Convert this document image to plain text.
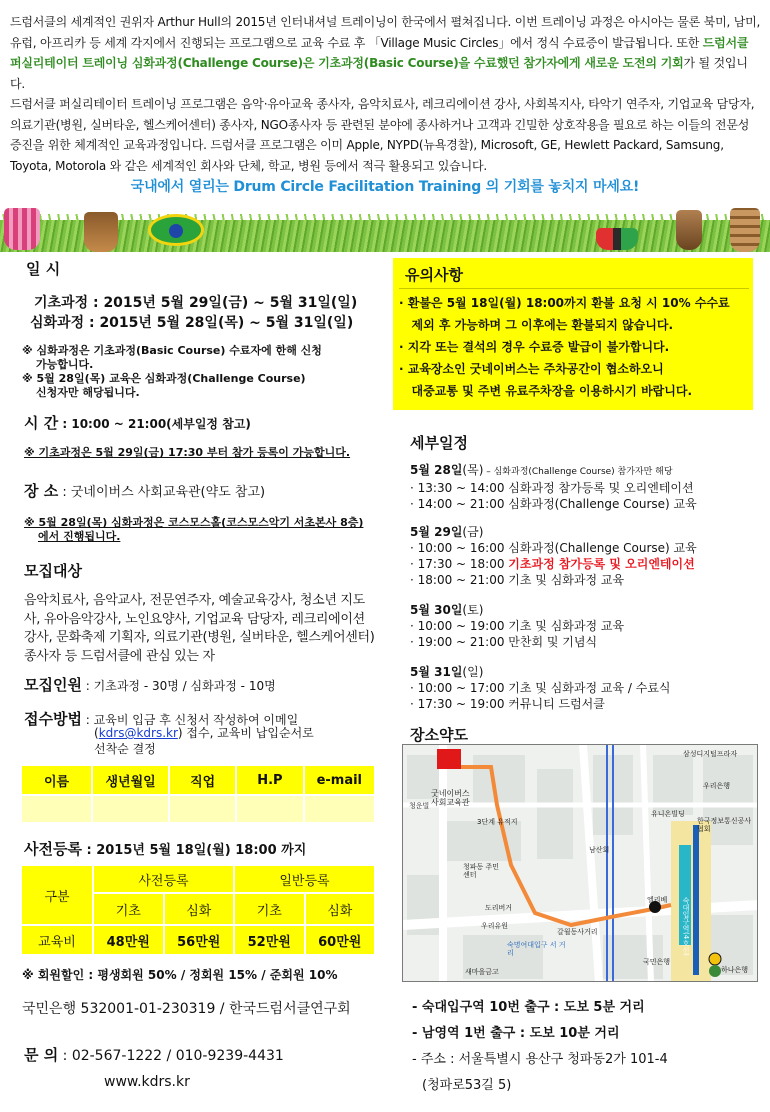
드럼서클의 세계적인 권위자 Arthur Hull의 2015년 인터내셔널 트레이닝이 한국에서 펼쳐집니다. 이번 트레이닝 과정은 아시아는 물론 북미, 남미, 유럽, 아프리카 등 세계 각지에서 진행되는 프로그램으로 교육 수료 후 「Village Music Circles」에서 정식 수료증이 발급됩니다. 또한 드럼서클 퍼실리테이터 트레이닝 심화과정(Challenge Course)은 기초과정(Basic Course)을 수료했던 참가자에게 새로운 도전의 기회가 될 것입니다.
드럼서클 퍼실리테이터 트레이닝 프로그램은 음악·유아교육 종사자, 음악치료사, 레크리에이션 강사, 사회복지사, 타악기 연주자, 기업교육 담당자, 의료기관(병원, 실버타운, 헬스케어센터) 종사자, NGO종사자 등 관련된 분야에 종사하거나 고객과 긴밀한 상호작용을 필요로 하는 이들의 전문성 증진을 위한 체계적인 교육과정입니다. 드럼서클 프로그램은 이미 Apple, NYPD(뉴욕경찰), Microsoft, GE, Hewlett Packard, Samsung, Toyota, Motorola 와 같은 세계적인 회사와 단체, 학교, 병원 등에서 적극 활용되고 있습니다.
국내에서 열리는 Drum Circle Facilitation Training 의 기회를 놓치지 마세요!
일 시
기초과정 : 2015년 5월 29일(금) ~ 5월 31일(일)
심화과정 : 2015년 5월 28일(목) ~ 5월 31일(일)
※ 심화과정은 기초과정(Basic Course) 수료자에 한해 신청
가능합니다.
※ 5월 28일(목) 교육은 심화과정(Challenge Course)
신청자만 해당됩니다.
시 간 : 10:00 ~ 21:00(세부일정 참고)
※ 기초과정은 5월 29일(금) 17:30 부터 참가 등록이 가능합니다.
장 소 : 굿네이버스 사회교육관(약도 참고)
※ 5월 28일(목) 심화과정은 코스모스홀(코스모스악기 서초본사 8층)
에서 진행됩니다.
모집대상
음악치료사, 음악교사, 전문연주자, 예술교육강사, 청소년 지도사, 유아음악강사, 노인요양사, 기업교육 담당자, 레크리에이션 강사, 문화축제 기획자, 의료기관(병원, 실버타운, 헬스케어센터) 종사자 등 드럼서클에 관심 있는 자
모집인원 : 기초과정 - 30명 / 심화과정 - 10명
접수방법 : 교육비 입금 후 신청서 작성하여 이메일
(kdrs@kdrs.kr) 접수, 교육비 납입순서로
선착순 결정
이름	생년월일	직업	H.P	e-mail

사전등록 : 2015년 5월 18일(월) 18:00 까지
구분	사전등록		일반등록	
	기초	심화	기초	심화
교육비	48만원	56만원	52만원	60만원
※ 회원할인 : 평생회원 50% / 정회원 15% / 준회원 10%
국민은행 532001-01-230319 / 한국드럼서클연구회
문 의 : 02-567-1222 / 010-9239-4431
www.kdrs.kr
유의사항
· 환불은 5월 18일(월) 18:00까지 환불 요청 시 10% 수수료
제외 후 가능하며 그 이후에는 환불되지 않습니다.
· 지각 또는 결석의 경우 수료증 발급이 불가합니다.
· 교육장소인 굿네이버스는 주차공간이 협소하오니
대중교통 및 주변 유료주차장을 이용하시기 바랍니다.
세부일정
5월 28일(목) – 심화과정(Challenge Course) 참가자만 해당
· 13:30 ~ 14:00 심화과정 참가등록 및 오리엔테이션
· 14:00 ~ 21:00 심화과정(Challenge Course) 교육
5월 29일(금)
· 10:00 ~ 16:00 심화과정(Challenge Course) 교육
· 17:30 ~ 18:00 기초과정 참가등록 및 오리엔테이션
· 18:00 ~ 21:00 기초 및 심화과정 교육
5월 30일(토)
· 10:00 ~ 19:00 기초 및 심화과정 교육
· 19:00 ~ 21:00 만찬회 및 기념식
5월 31일(일)
· 10:00 ~ 17:00 기초 및 심화과정 교육 / 수료식
· 17:30 ~ 19:00 커뮤니티 드럼서클
장소약도
굿네이버스 사회교육관
청운빌
삼성디지털프라자
우리은행
한국정보통신공사협회
유니온빌딩
3단계 유적지
남산회
청파동 주민센터
도리버거
우리유원
갈월동사거리
숙명여대입구 서 거리
새마을금고
엘리베
국민은행
하나은행
숙대입구역(4호선)
- 숙대입구역 10번 출구 : 도보 5분 거리
- 남영역 1번 출구 : 도보 10분 거리
- 주소 : 서울특별시 용산구 청파동2가 101-4
(청파로53길 5)
